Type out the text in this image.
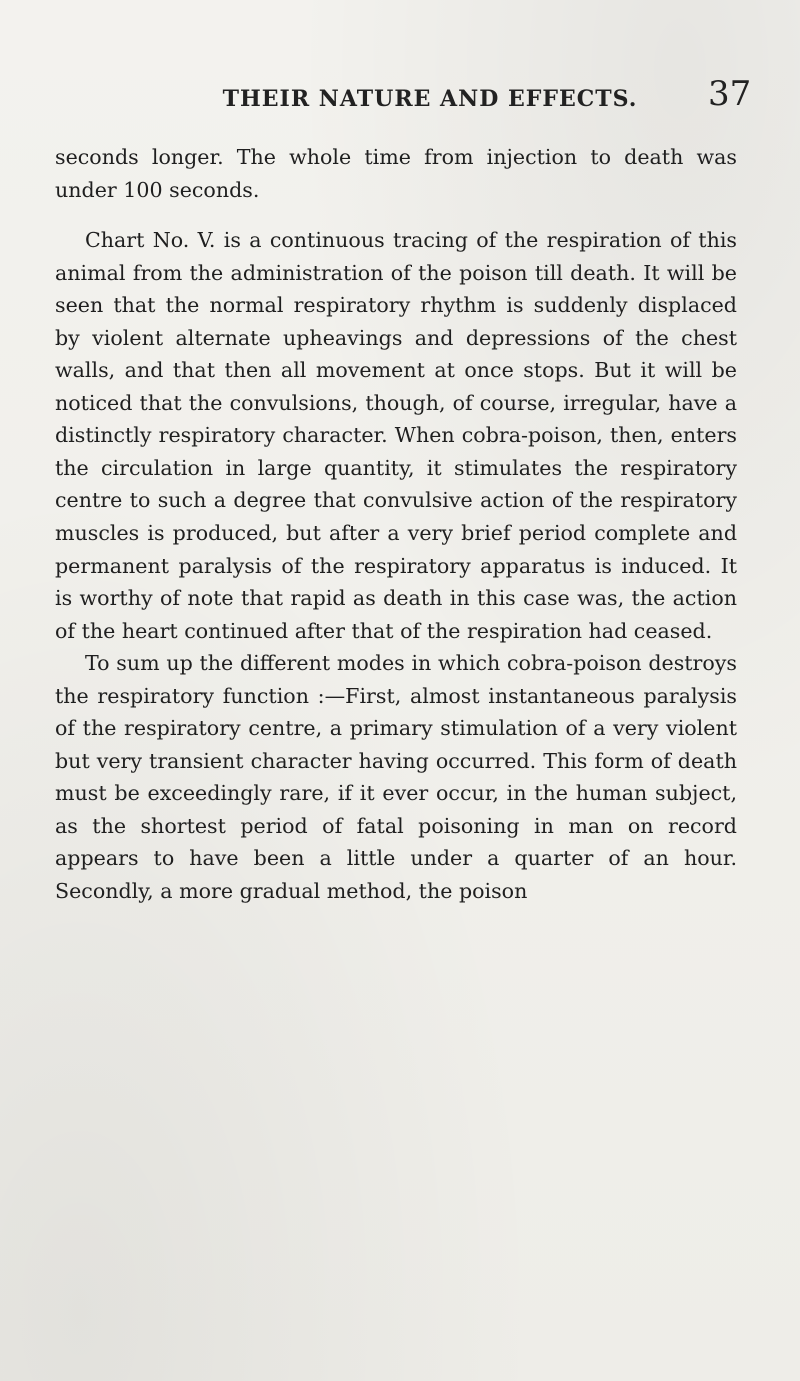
THEIR NATURE AND EFFECTS.	37

seconds longer. The whole time from injection to death was under 100 seconds.

Chart No. V. is a continuous tracing of the respiration of this animal from the administration of the poison till death. It will be seen that the normal respiratory rhythm is suddenly displaced by violent alternate upheavings and depressions of the chest walls, and that then all movement at once stops. But it will be noticed that the convulsions, though, of course, irregular, have a distinctly respiratory character. When cobra-poison, then, enters the circulation in large quantity, it stimulates the respiratory centre to such a degree that convulsive action of the respiratory muscles is produced, but after a very brief period complete and permanent paralysis of the respiratory apparatus is induced. It is worthy of note that rapid as death in this case was, the action of the heart continued after that of the respiration had ceased.

To sum up the different modes in which cobra-poison destroys the respiratory function :—First, almost instantaneous paralysis of the respiratory centre, a primary stimulation of a very violent but very transient character having occurred. This form of death must be exceedingly rare, if it ever occur, in the human subject, as the shortest period of fatal poisoning in man on record appears to have been a little under a quarter of an hour. Secondly, a more gradual method, the poison
